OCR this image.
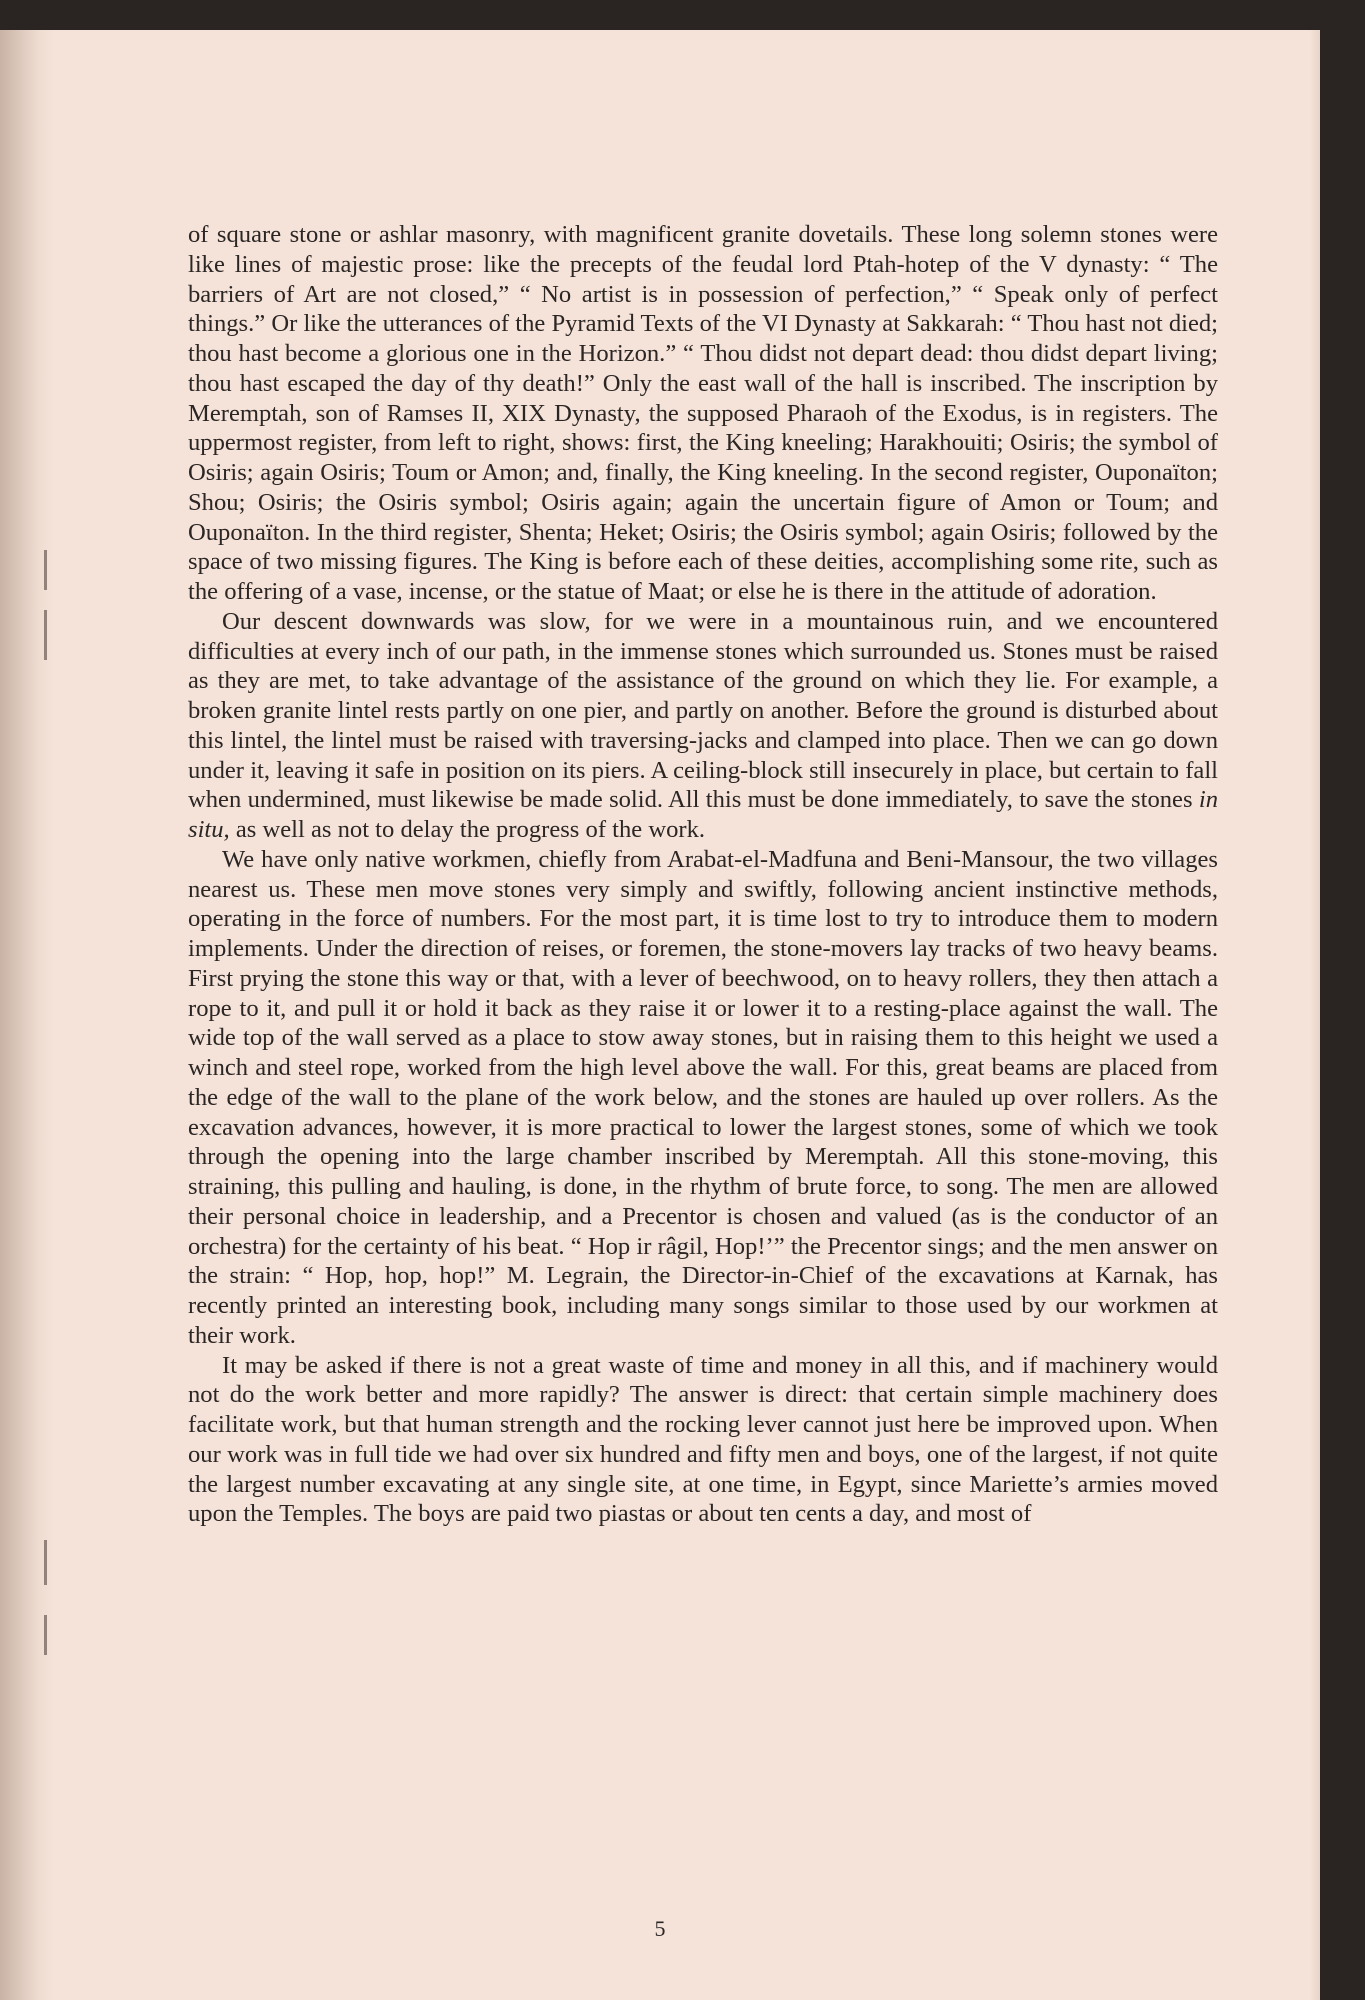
of square stone or ashlar masonry, with magnificent granite dovetails. These long solemn stones were like lines of majestic prose: like the precepts of the feudal lord Ptah-hotep of the V dynasty: “ The barriers of Art are not closed,” “ No artist is in possession of perfection,” “ Speak only of perfect things.” Or like the utterances of the Pyramid Texts of the VI Dynasty at Sakkarah: “ Thou hast not died; thou hast become a glorious one in the Horizon.” “ Thou didst not depart dead: thou didst depart living; thou hast escaped the day of thy death!” Only the east wall of the hall is inscribed. The inscription by Meremptah, son of Ramses II, XIX Dynasty, the supposed Pharaoh of the Exodus, is in registers. The uppermost register, from left to right, shows: first, the King kneeling; Harakhouiti; Osiris; the symbol of Osiris; again Osiris; Toum or Amon; and, finally, the King kneeling. In the second register, Ouponaïton; Shou; Osiris; the Osiris symbol; Osiris again; again the uncertain figure of Amon or Toum; and Ouponaïton. In the third register, Shenta; Heket; Osiris; the Osiris symbol; again Osiris; followed by the space of two missing figures. The King is before each of these deities, accomplishing some rite, such as the offering of a vase, incense, or the statue of Maat; or else he is there in the attitude of adoration.

Our descent downwards was slow, for we were in a mountainous ruin, and we encountered difficulties at every inch of our path, in the immense stones which surrounded us. Stones must be raised as they are met, to take advantage of the assistance of the ground on which they lie. For example, a broken granite lintel rests partly on one pier, and partly on another. Before the ground is disturbed about this lintel, the lintel must be raised with traversing-jacks and clamped into place. Then we can go down under it, leaving it safe in position on its piers. A ceiling-block still insecurely in place, but certain to fall when undermined, must likewise be made solid. All this must be done immediately, to save the stones in situ, as well as not to delay the progress of the work.

We have only native workmen, chiefly from Arabat-el-Madfuna and Beni-Mansour, the two villages nearest us. These men move stones very simply and swiftly, following ancient instinctive methods, operating in the force of numbers. For the most part, it is time lost to try to introduce them to modern implements. Under the direction of reises, or foremen, the stone-movers lay tracks of two heavy beams. First prying the stone this way or that, with a lever of beechwood, on to heavy rollers, they then attach a rope to it, and pull it or hold it back as they raise it or lower it to a resting-place against the wall. The wide top of the wall served as a place to stow away stones, but in raising them to this height we used a winch and steel rope, worked from the high level above the wall. For this, great beams are placed from the edge of the wall to the plane of the work below, and the stones are hauled up over rollers. As the excavation advances, however, it is more practical to lower the largest stones, some of which we took through the opening into the large chamber inscribed by Meremptah. All this stone-moving, this straining, this pulling and hauling, is done, in the rhythm of brute force, to song. The men are allowed their personal choice in leadership, and a Precentor is chosen and valued (as is the conductor of an orchestra) for the certainty of his beat. “ Hop ir râgil, Hop!’” the Precentor sings; and the men answer on the strain: “ Hop, hop, hop!” M. Legrain, the Director-in-Chief of the excavations at Karnak, has recently printed an interesting book, including many songs similar to those used by our workmen at their work.

It may be asked if there is not a great waste of time and money in all this, and if machinery would not do the work better and more rapidly? The answer is direct: that certain simple machinery does facilitate work, but that human strength and the rocking lever cannot just here be improved upon. When our work was in full tide we had over six hundred and fifty men and boys, one of the largest, if not quite the largest number excavating at any single site, at one time, in Egypt, since Mariette’s armies moved upon the Temples. The boys are paid two piastas or about ten cents a day, and most of

5
